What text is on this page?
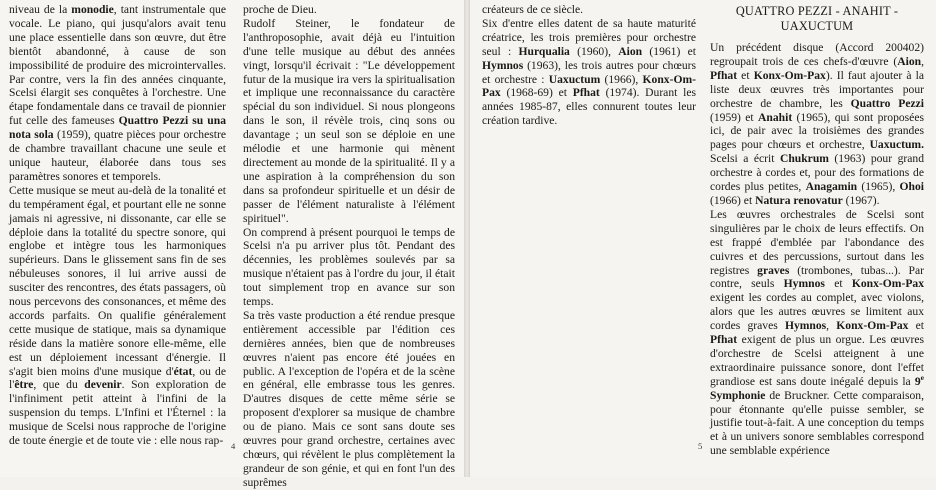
niveau de la monodie, tant instrumentale que vocale. Le piano, qui jusqu'alors avait tenu une place essentielle dans son œuvre, dut être bientôt abandonné, à cause de son impossibilité de produire des microintervalles. Par contre, vers la fin des années cinquante, Scelsi élargit ses conquêtes à l'orchestre. Une étape fondamentale dans ce travail de pionnier fut celle des fameuses Quattro Pezzi su una nota sola (1959), quatre pièces pour orchestre de chambre travaillant chacune une seule et unique hauteur, élaborée dans tous ses paramètres sonores et temporels.

Cette musique se meut au-delà de la tonalité et du tempérament égal, et pourtant elle ne sonne jamais ni agressive, ni dissonante, car elle se déploie dans la totalité du spectre sonore, qui englobe et intègre tous les harmoniques supérieurs. Dans le glissement sans fin de ses nébuleuses sonores, il lui arrive aussi de susciter des rencontres, des états passagers, où nous percevons des consonances, et même des accords parfaits. On qualifie généralement cette musique de statique, mais sa dynamique réside dans la matière sonore elle-même, elle est un déploiement incessant d'énergie. Il s'agit bien moins d'une musique d'état, ou de l'être, que du devenir. Son exploration de l'infiniment petit atteint à l'infini de la suspension du temps. L'Infini et l'Éternel : la musique de Scelsi nous rapproche de l'origine de toute énergie et de toute vie : elle nous rap-

proche de Dieu.

Rudolf Steiner, le fondateur de l'anthroposophie, avait déjà eu l'intuition d'une telle musique au début des années vingt, lorsqu'il écrivait : "Le développement futur de la musique ira vers la spiritualisation et implique une reconnaissance du caractère spécial du son individuel. Si nous plongeons dans le son, il révèle trois, cinq sons ou davantage ; un seul son se déploie en une mélodie et une harmonie qui mènent directement au monde de la spiritualité. Il y a une aspiration à la compréhension du son dans sa profondeur spirituelle et un désir de passer de l'élément naturaliste à l'élément spirituel".

On comprend à présent pourquoi le temps de Scelsi n'a pu arriver plus tôt. Pendant des décennies, les problèmes soulevés par sa musique n'étaient pas à l'ordre du jour, il était tout simplement trop en avance sur son temps.

Sa très vaste production a été rendue presque entièrement accessible par l'édition ces dernières années, bien que de nombreuses œuvres n'aient pas encore été jouées en public. A l'exception de l'opéra et de la scène en général, elle embrasse tous les genres. D'autres disques de cette même série se proposent d'explorer sa musique de chambre ou de piano. Mais ce sont sans doute ses œuvres pour grand orchestre, certaines avec chœurs, qui révèlent le plus complètement la grandeur de son génie, et qui en font l'un des suprêmes

4

créateurs de ce siècle.

Six d'entre elles datent de sa haute maturité créatrice, les trois premières pour orchestre seul : Hurqualia (1960), Aion (1961) et Hymnos (1963), les trois autres pour chœurs et orchestre : Uaxuctum (1966), Konx-Om-Pax (1968-69) et Pfhat (1974). Durant les années 1985-87, elles connurent toutes leur création tardive.

QUATTRO PEZZI - ANAHIT -
UAXUCTUM

Un précédent disque (Accord 200402) regroupait trois de ces chefs-d'œuvre (Aion, Pfhat et Konx-Om-Pax). Il faut ajouter à la liste deux œuvres très importantes pour orchestre de chambre, les Quattro Pezzi (1959) et Anahit (1965), qui sont proposées ici, de pair avec la troisièmes des grandes pages pour chœurs et orchestre, Uaxuctum. Scelsi a écrit Chukrum (1963) pour grand orchestre à cordes et, pour des formations de cordes plus petites, Anagamin (1965), Ohoi (1966) et Natura renovatur (1967).

Les œuvres orchestrales de Scelsi sont singulières par le choix de leurs effectifs. On est frappé d'emblée par l'abondance des cuivres et des percussions, surtout dans les registres graves (trombones, tubas...). Par contre, seuls Hymnos et Konx-Om-Pax exigent les cordes au complet, avec violons, alors que les autres œuvres se limitent aux cordes graves Hymnos, Konx-Om-Pax et Pfhat exigent de plus un orgue. Les œuvres d'orchestre de Scelsi atteignent à une extraordinaire puissance sonore, dont l'effet grandiose est sans doute inégalé depuis la 9e Symphonie de Bruckner. Cette comparaison, pour étonnante qu'elle puisse sembler, se justifie tout-à-fait. A une conception du temps et à un univers sonore semblables correspond une semblable expérience

5
